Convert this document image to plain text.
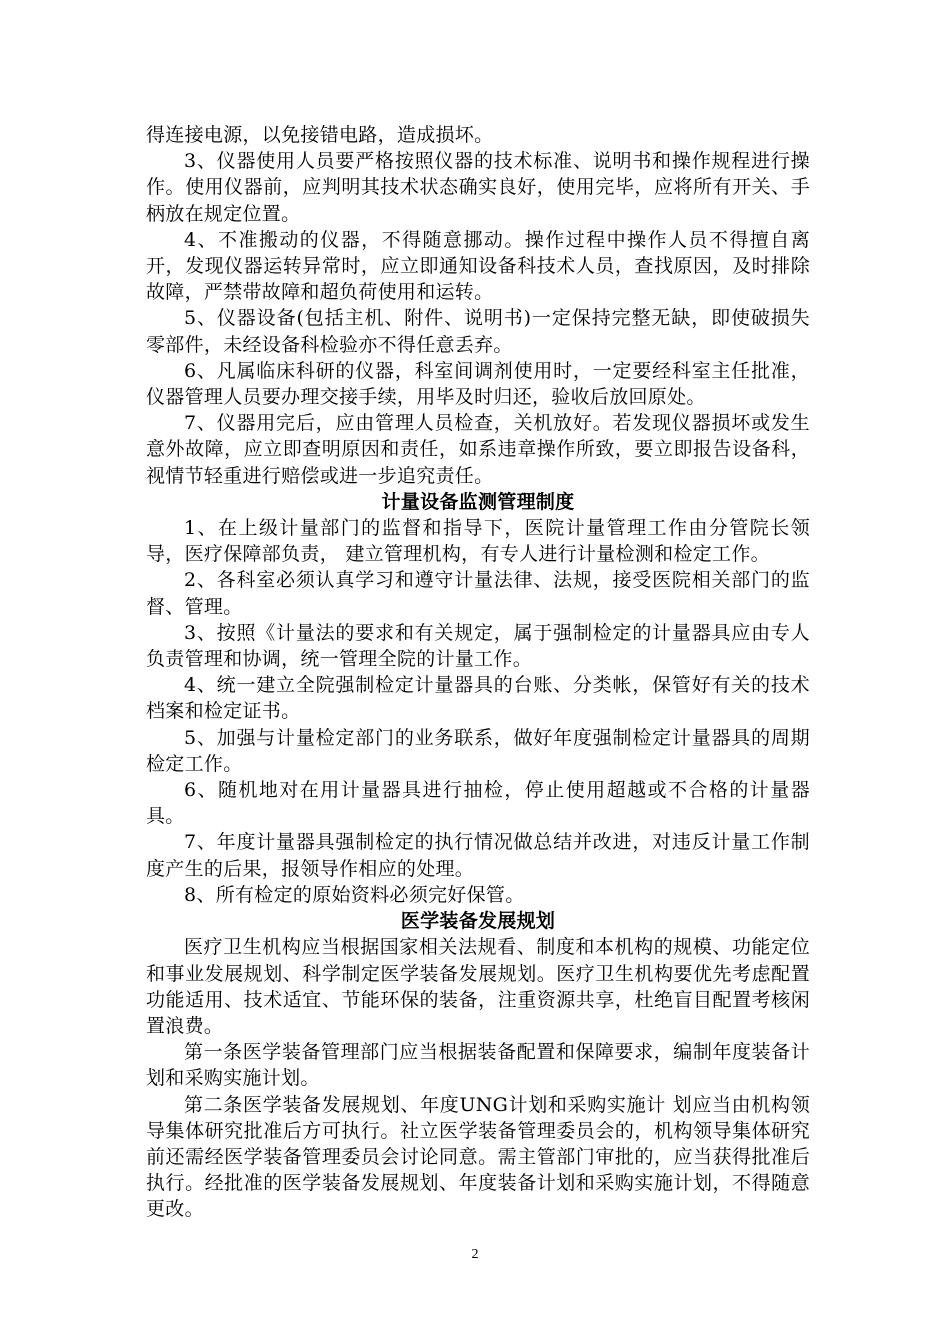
得连接电源，以免接错电路，造成损坏。

3、仪器使用人员要严格按照仪器的技术标准、说明书和操作规程进行操作。使用仪器前，应判明其技术状态确实良好，使用完毕，应将所有开关、手柄放在规定位置。

4、不准搬动的仪器，不得随意挪动。操作过程中操作人员不得擅自离开，发现仪器运转异常时，应立即通知设备科技术人员，查找原因，及时排除故障，严禁带故障和超负荷使用和运转。

5、仪器设备(包括主机、附件、说明书)一定保持完整无缺，即使破损失零部件，未经设备科检验亦不得任意丢弃。

6、凡属临床科研的仪器，科室间调剂使用时，一定要经科室主任批准，仪器管理人员要办理交接手续，用毕及时归还，验收后放回原处。

7、仪器用完后，应由管理人员检查，关机放好。若发现仪器损坏或发生意外故障，应立即查明原因和责任，如系违章操作所致，要立即报告设备科，视情节轻重进行赔偿或进一步追究责任。

计量设备监测管理制度

1、在上级计量部门的监督和指导下，医院计量管理工作由分管院长领导，医疗保障部负责， 建立管理机构，有专人进行计量检测和检定工作。

2、各科室必须认真学习和遵守计量法律、法规，接受医院相关部门的监督、管理。

3、按照《计量法的要求和有关规定，属于强制检定的计量器具应由专人负责管理和协调，统一管理全院的计量工作。

4、统一建立全院强制检定计量器具的台账、分类帐，保管好有关的技术档案和检定证书。

5、加强与计量检定部门的业务联系，做好年度强制检定计量器具的周期检定工作。

6、随机地对在用计量器具进行抽检，停止使用超越或不合格的计量器具。

7、年度计量器具强制检定的执行情况做总结并改进，对违反计量工作制度产生的后果，报领导作相应的处理。

8、所有检定的原始资料必须完好保管。

医学装备发展规划

医疗卫生机构应当根据国家相关法规看、制度和本机构的规模、功能定位和事业发展规划、科学制定医学装备发展规划。医疗卫生机构要优先考虑配置功能适用、技术适宜、节能环保的装备，注重资源共享，杜绝盲目配置考核闲置浪费。

第一条医学装备管理部门应当根据装备配置和保障要求，编制年度装备计划和采购实施计划。

第二条医学装备发展规划、年度UNG计划和采购实施计 划应当由机构领导集体研究批准后方可执行。社立医学装备管理委员会的，机构领导集体研究前还需经医学装备管理委员会讨论同意。需主管部门审批的，应当获得批准后执行。经批准的医学装备发展规划、年度装备计划和采购实施计划，不得随意更改。

2
